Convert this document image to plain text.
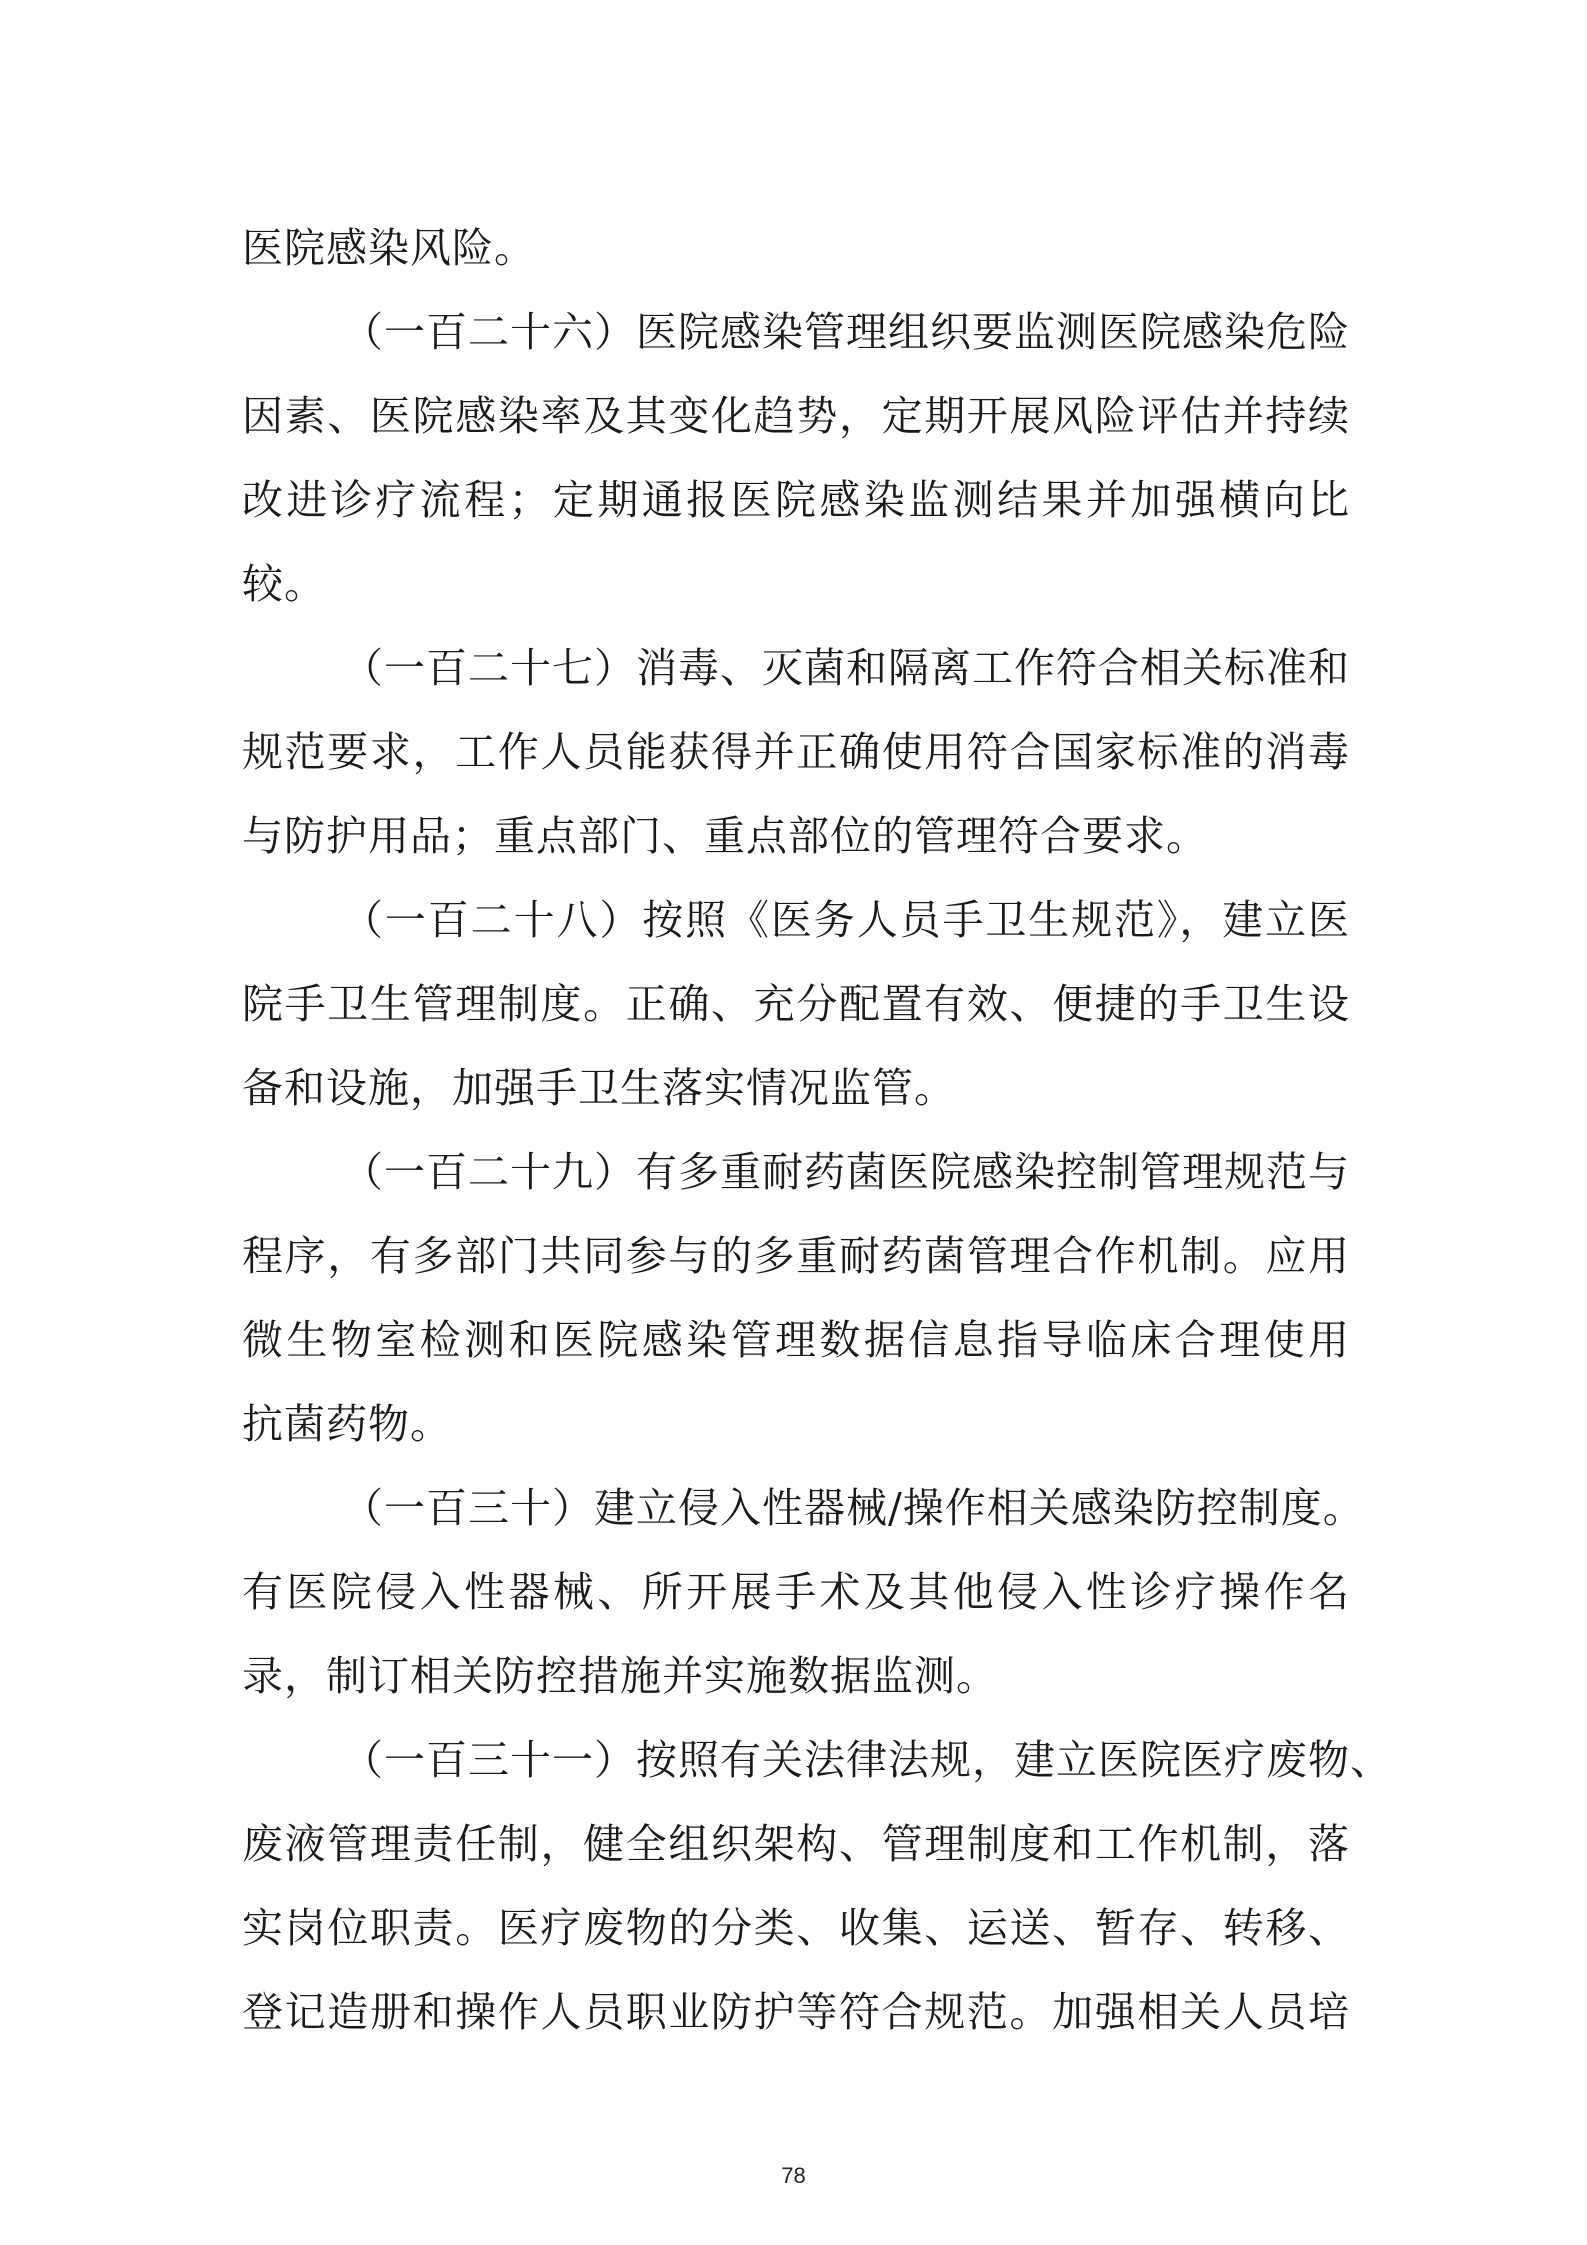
医院感染风险。
（一百二十六）医院感染管理组织要监测医院感染危险
因素、医院感染率及其变化趋势，定期开展风险评估并持续
改进诊疗流程；定期通报医院感染监测结果并加强横向比
较。
（一百二十七）消毒、灭菌和隔离工作符合相关标准和
规范要求，工作人员能获得并正确使用符合国家标准的消毒
与防护用品；重点部门、重点部位的管理符合要求。
（一百二十八）按照《医务人员手卫生规范》，建立医
院手卫生管理制度。正确、充分配置有效、便捷的手卫生设
备和设施，加强手卫生落实情况监管。
（一百二十九）有多重耐药菌医院感染控制管理规范与
程序，有多部门共同参与的多重耐药菌管理合作机制。应用
微生物室检测和医院感染管理数据信息指导临床合理使用
抗菌药物。
（一百三十）建立侵入性器械/操作相关感染防控制度。
有医院侵入性器械、所开展手术及其他侵入性诊疗操作名
录，制订相关防控措施并实施数据监测。
（一百三十一）按照有关法律法规，建立医院医疗废物、
废液管理责任制，健全组织架构、管理制度和工作机制，落
实岗位职责。医疗废物的分类、收集、运送、暂存、转移、
登记造册和操作人员职业防护等符合规范。加强相关人员培
78
